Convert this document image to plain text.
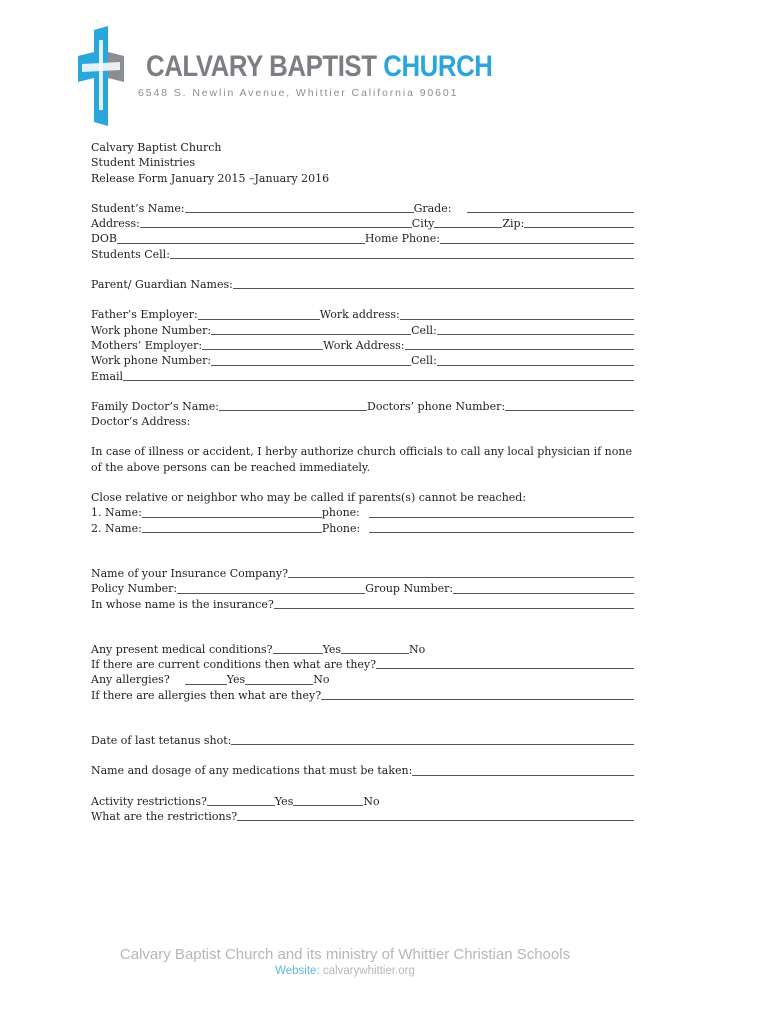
CALVARY BAPTIST CHURCH
6548 S. Newlin Avenue, Whittier California 90601
Calvary Baptist Church
Student Ministries
Release Form January 2015 –January 2016
Student’s Name:	Grade:
Address:	City	Zip:
DOB	Home Phone:
Students Cell:
Parent/ Guardian Names:
Father’s Employer:	Work address:
Work phone Number:	Cell:
Mothers’ Employer:	Work Address:
Work phone Number:	Cell:
Email
Family Doctor’s Name:	Doctors’ phone Number:
Doctor’s Address:
In case of illness or accident, I herby authorize church officials to call any local physician if none of the above persons can be reached immediately.
Close relative or neighbor who may be called if parents(s) cannot be reached:
1. Name:	phone:
2. Name:	Phone:
Name of your Insurance Company?
Policy Number:	Group Number:
In whose name is the insurance?
Any present medical conditions?	Yes	No
If there are current conditions then what are they?
Any allergies?	Yes	No
If there are allergies then what are they?
Date of last tetanus shot:
Name and dosage of any medications that must be taken:
Activity restrictions?	Yes	No
What are the restrictions?
Calvary Baptist Church and its ministry of Whittier Christian Schools
Website: calvarywhittier.org
